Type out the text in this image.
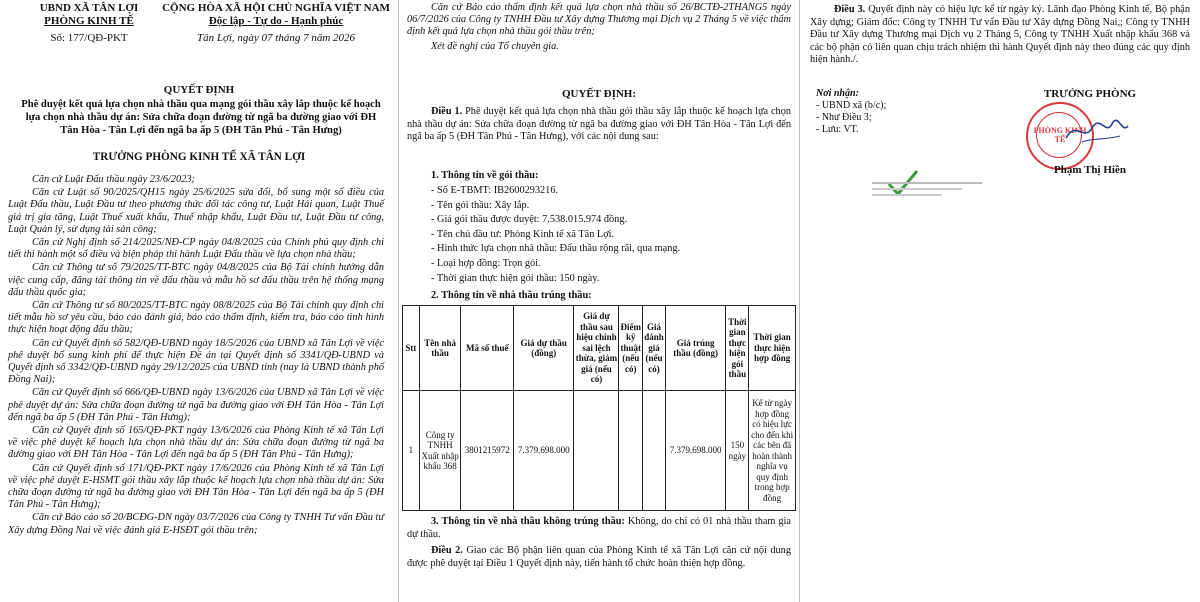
UBND XÃ TÂN LỢI
PHÒNG KINH TẾ
Số: 177/QĐ-PKT
CỘNG HÒA XÃ HỘI CHỦ NGHĨA VIỆT NAM
Độc lập - Tự do - Hạnh phúc
Tân Lợi, ngày 07 tháng 7 năm 2026
QUYẾT ĐỊNH
Phê duyệt kết quả lựa chọn nhà thầu qua mạng gói thầu xây lắp thuộc kế hoạch lựa chọn nhà thầu dự án: Sửa chữa đoạn đường từ ngã ba đường giao với ĐH Tân Hòa - Tân Lợi đến ngã ba ấp 5 (ĐH Tân Phú - Tân Hưng)
TRƯỞNG PHÒNG KINH TẾ XÃ TÂN LỢI

Căn cứ Luật Đấu thầu ngày 23/6/2023;

Căn cứ Luật số 90/2025/QH15 ngày 25/6/2025 sửa đổi, bổ sung một số điều của Luật Đấu thầu, Luật Đầu tư theo phương thức đối tác công tư, Luật Hải quan, Luật Thuế giá trị gia tăng, Luật Thuế xuất khẩu, Thuế nhập khẩu, Luật Đầu tư, Luật Đầu tư công, Luật Quản lý, sử dụng tài sản công;

Căn cứ Nghị định số 214/2025/NĐ-CP ngày 04/8/2025 của Chính phủ quy định chi tiết thi hành một số điều và biện pháp thi hành Luật Đấu thầu về lựa chọn nhà thầu;

Căn cứ Thông tư số 79/2025/TT-BTC ngày 04/8/2025 của Bộ Tài chính hướng dẫn việc cung cấp, đăng tải thông tin về đấu thầu và mẫu hồ sơ đấu thầu trên hệ thống mạng đấu thầu quốc gia;

Căn cứ Thông tư số 80/2025/TT-BTC ngày 08/8/2025 của Bộ Tài chính quy định chi tiết mẫu hồ sơ yêu cầu, báo cáo đánh giá, báo cáo thẩm định, kiểm tra, báo cáo tình hình thực hiện hoạt động đấu thầu;

Căn cứ Quyết định số 582/QĐ-UBND ngày 18/5/2026 của UBND xã Tân Lợi về việc phê duyệt bổ sung kinh phí để thực hiện Đề án tại Quyết định số 3341/QĐ-UBND và Quyết định số 3342/QĐ-UBND ngày 29/12/2025 của UBND tỉnh (nay là UBND thành phố Đồng Nai);

Căn cứ Quyết định số 666/QĐ-UBND ngày 13/6/2026 của UBND xã Tân Lợi về việc phê duyệt dự án: Sửa chữa đoạn đường từ ngã ba đường giao với ĐH Tân Hòa - Tân Lợi đến ngã ba ấp 5 (ĐH Tân Phú - Tân Hưng);

Căn cứ Quyết định số 165/QĐ-PKT ngày 13/6/2026 của Phòng Kinh tế xã Tân Lợi về việc phê duyệt kế hoạch lựa chọn nhà thầu dự án: Sửa chữa đoạn đường từ ngã ba đường giao với ĐH Tân Hòa - Tân Lợi đến ngã ba ấp 5 (ĐH Tân Phú - Tân Hưng);

Căn cứ Quyết định số 171/QĐ-PKT ngày 17/6/2026 của Phòng Kinh tế xã Tân Lợi về việc phê duyệt E-HSMT gói thầu xây lắp thuộc kế hoạch lựa chọn nhà thầu dự án: Sửa chữa đoạn đường từ ngã ba đường giao với ĐH Tân Hòa - Tân Lợi đến ngã ba ấp 5 (ĐH Tân Phú - Tân Hưng);

Căn cứ Báo cáo số 20/BCĐG-DN ngày 03/7/2026 của Công ty TNHH Tư vấn Đầu tư Xây dựng Đồng Nai về việc đánh giá E-HSĐT gói thầu trên;

Căn cứ Báo cáo thẩm định kết quả lựa chọn nhà thầu số 26/BCTĐ-2THANG5 ngày 06/7/2026 của Công ty TNHH Đầu tư Xây dựng Thương mại Dịch vụ 2 Tháng 5 về việc thẩm định kết quả lựa chọn nhà thầu gói thầu trên;

Xét đề nghị của Tổ chuyên gia.

QUYẾT ĐỊNH:
Điều 1. Phê duyệt kết quả lựa chọn nhà thầu gói thầu xây lắp thuộc kế hoạch lựa chọn nhà thầu dự án: Sửa chữa đoạn đường từ ngã ba đường giao với ĐH Tân Hòa - Tân Lợi đến ngã ba ấp 5 (ĐH Tân Phú - Tân Hưng), với các nội dung sau:
1. Thông tin về gói thầu:
- Số E-TBMT: IB2600293216.
- Tên gói thầu: Xây lắp.
- Giá gói thầu được duyệt: 7.538.015.974 đồng.
- Tên chủ đầu tư: Phòng Kinh tế xã Tân Lợi.
- Hình thức lựa chọn nhà thầu: Đấu thầu rộng rãi, qua mạng.
- Loại hợp đồng: Trọn gói.
- Thời gian thực hiện gói thầu: 150 ngày.
2. Thông tin về nhà thầu trúng thầu:
Stt	Tên nhà thầu	Mã số thuế	Giá dự thầu (đồng)	Giá dự thầu sau hiệu chỉnh sai lệch thừa, giảm giá (nếu có)	Điểm kỹ thuật (nếu có)	Giá đánh giá (nếu có)	Giá trúng thầu (đồng)	Thời gian thực hiện gói thầu	Thời gian thực hiện hợp đồng
1	Công ty TNHH Xuất nhập khẩu 368	3801215972	7.379.698.000				7.379.698.000	150 ngày	Kể từ ngày hợp đồng có hiệu lực cho đến khi các bên đã hoàn thành nghĩa vụ quy định trong hợp đồng
3. Thông tin về nhà thầu không trúng thầu: Không, do chỉ có 01 nhà thầu tham gia dự thầu.
Điều 2. Giao các Bộ phận liên quan của Phòng Kinh tế xã Tân Lợi căn cứ nội dung được phê duyệt tại Điều 1 Quyết định này, tiến hành tổ chức hoàn thiện hợp đồng.
Điều 3. Quyết định này có hiệu lực kể từ ngày ký. Lãnh đạo Phòng Kinh tế, Bộ phận Xây dựng; Giám đốc: Công ty TNHH Tư vấn Đầu tư Xây dựng Đồng Nai,; Công ty TNHH Đầu tư Xây dựng Thương mại Dịch vụ 2 Tháng 5, Công ty TNHH Xuất nhập khẩu 368 và các bộ phận có liên quan chịu trách nhiệm thi hành Quyết định này theo đúng các quy định hiện hành./.
Nơi nhận:
- UBND xã (b/c);
- Như Điều 3;
- Lưu: VT.
TRƯỞNG PHÒNG
PHÒNG KINH TẾ
Phạm Thị Hiền
